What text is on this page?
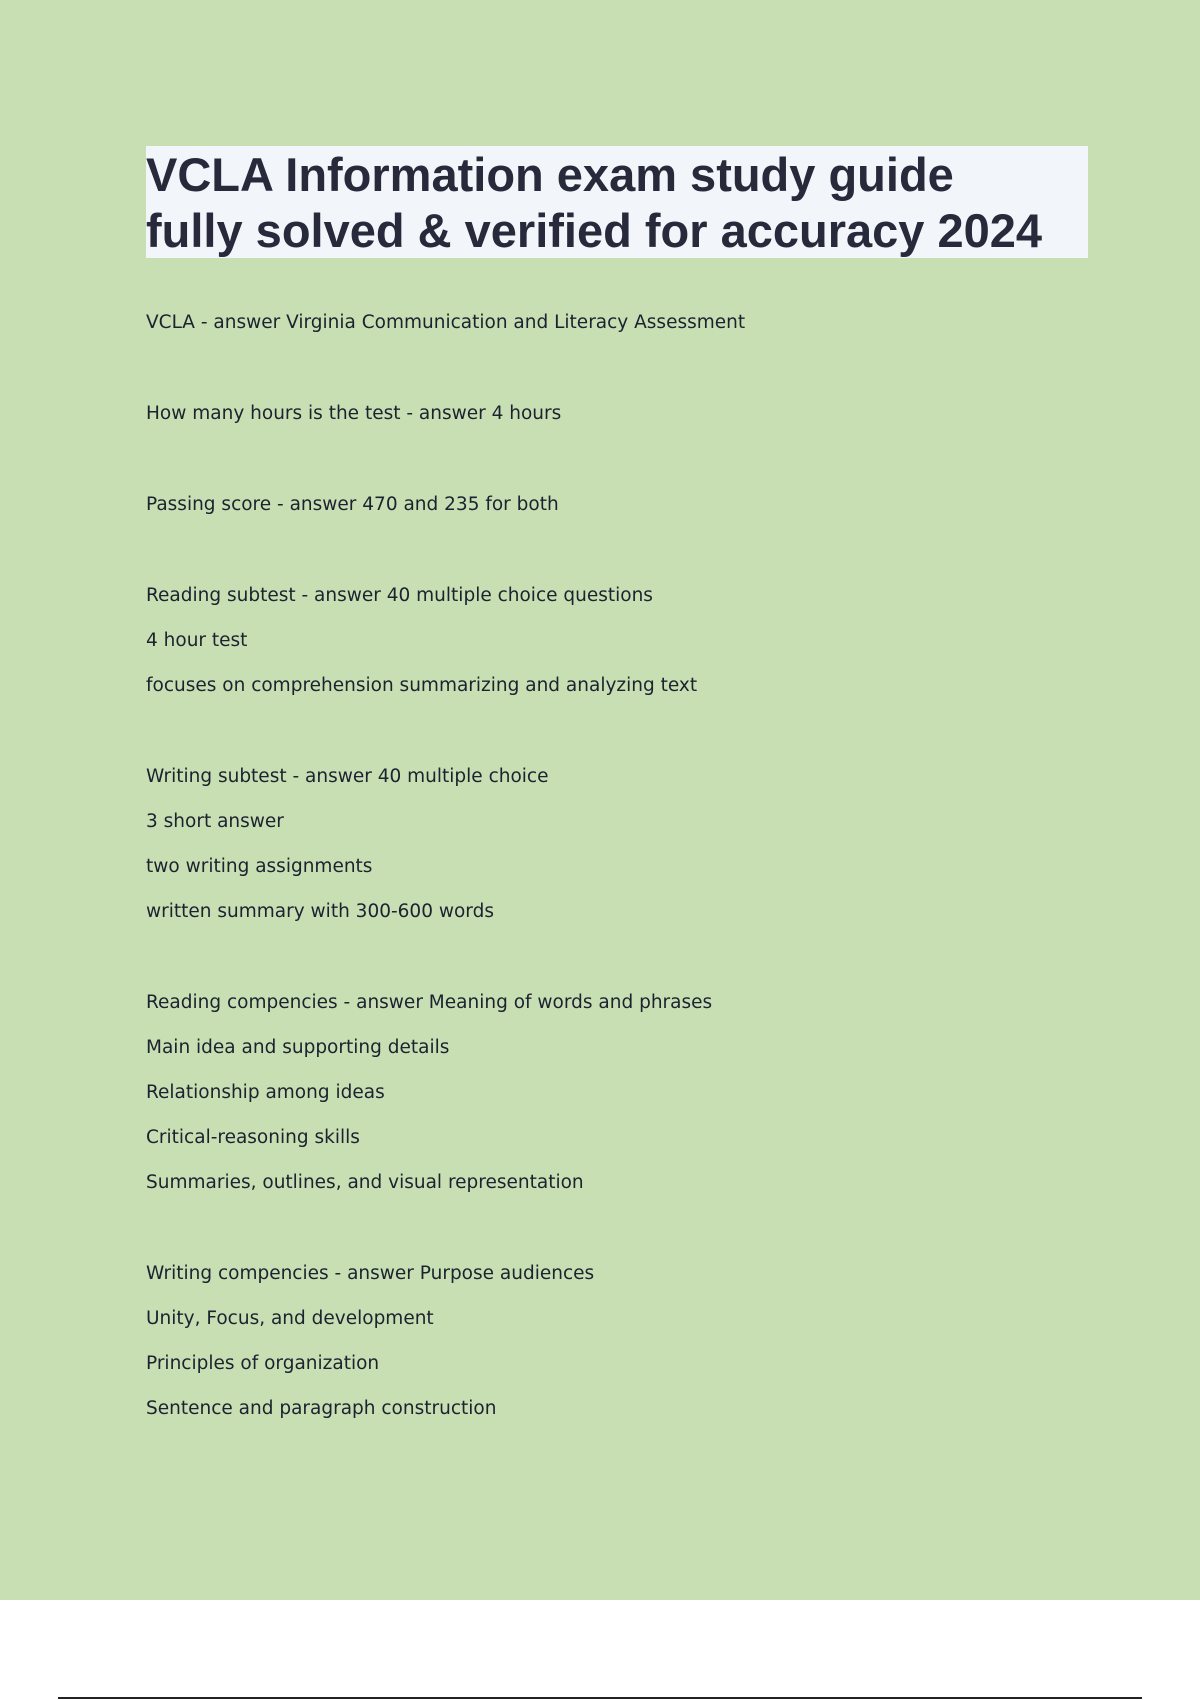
VCLA Information exam study guide
fully solved & verified for accuracy 2024
VCLA - answer Virginia Communication and Literacy Assessment
How many hours is the test - answer 4 hours
Passing score - answer 470 and 235 for both
Reading subtest - answer 40 multiple choice questions
4 hour test
focuses on comprehension summarizing and analyzing text
Writing subtest - answer 40 multiple choice
3 short answer
two writing assignments
written summary with 300-600 words
Reading compencies - answer Meaning of words and phrases
Main idea and supporting details
Relationship among ideas
Critical-reasoning skills
Summaries, outlines, and visual representation
Writing compencies - answer Purpose audiences
Unity, Focus, and development
Principles of organization
Sentence and paragraph construction
